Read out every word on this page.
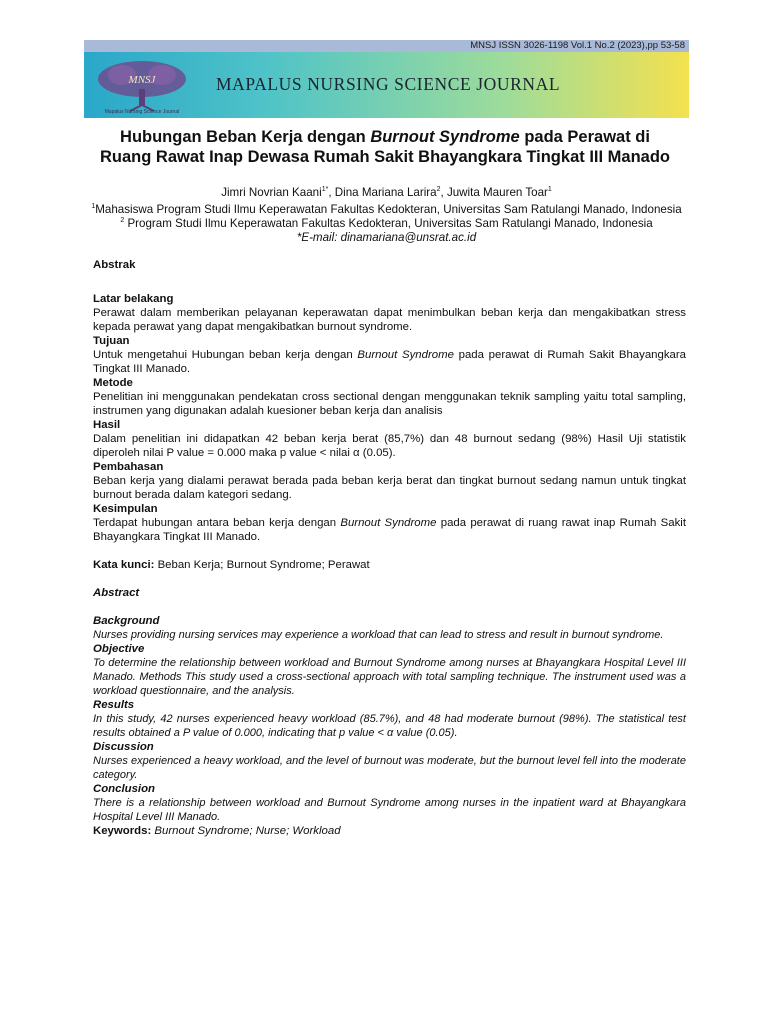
MNSJ ISSN 3026-1198 Vol.1 No.2 (2023),pp 53-58
MNSJ
Mapalus Nursing Science Journal
MAPALUS NURSING SCIENCE JOURNAL
Hubungan Beban Kerja dengan Burnout Syndrome pada Perawat di Ruang Rawat Inap Dewasa Rumah Sakit Bhayangkara Tingkat III Manado
Jimri Novrian Kaani$^{1*}$, Dina Mariana Larira$^2$, Juwita Mauren Toar$^1$
$^1$Mahasiswa Program Studi Ilmu Keperawatan Fakultas Kedokteran, Universitas Sam Ratulangi Manado, Indonesia
$^2$ Program Studi Ilmu Keperawatan Fakultas Kedokteran, Universitas Sam Ratulangi Manado, Indonesia
*E-mail: dinamariana@unsrat.ac.id
Abstrak
Latar belakang
Perawat dalam memberikan pelayanan keperawatan dapat menimbulkan beban kerja dan mengakibatkan stress kepada perawat yang dapat mengakibatkan burnout syndrome.
Tujuan
Untuk mengetahui Hubungan beban kerja dengan Burnout Syndrome pada perawat di Rumah Sakit Bhayangkara Tingkat III Manado.
Metode
Penelitian ini menggunakan pendekatan cross sectional dengan menggunakan teknik sampling yaitu total sampling, instrumen yang digunakan adalah kuesioner beban kerja dan analisis
Hasil
Dalam penelitian ini didapatkan 42 beban kerja berat (85,7%) dan 48 burnout sedang (98%) Hasil Uji statistik diperoleh nilai P value = 0.000 maka p value < nilai α (0.05).
Pembahasan
Beban kerja yang dialami perawat berada pada beban kerja berat dan tingkat burnout sedang namun untuk tingkat burnout berada dalam kategori sedang.
Kesimpulan
Terdapat hubungan antara beban kerja dengan Burnout Syndrome pada perawat di ruang rawat inap Rumah Sakit Bhayangkara Tingkat III Manado.
Kata kunci: Beban Kerja; Burnout Syndrome; Perawat
Abstract
Background
Nurses providing nursing services may experience a workload that can lead to stress and result in burnout syndrome.
Objective
To determine the relationship between workload and Burnout Syndrome among nurses at Bhayangkara Hospital Level III Manado. Methods This study used a cross-sectional approach with total sampling technique. The instrument used was a workload questionnaire, and the analysis.
Results
In this study, 42 nurses experienced heavy workload (85.7%), and 48 had moderate burnout (98%). The statistical test results obtained a P value of 0.000, indicating that p value < α value (0.05).
Discussion
Nurses experienced a heavy workload, and the level of burnout was moderate, but the burnout level fell into the moderate category.
Conclusion
There is a relationship between workload and Burnout Syndrome among nurses in the inpatient ward at Bhayangkara Hospital Level III Manado.
Keywords: Burnout Syndrome; Nurse; Workload
